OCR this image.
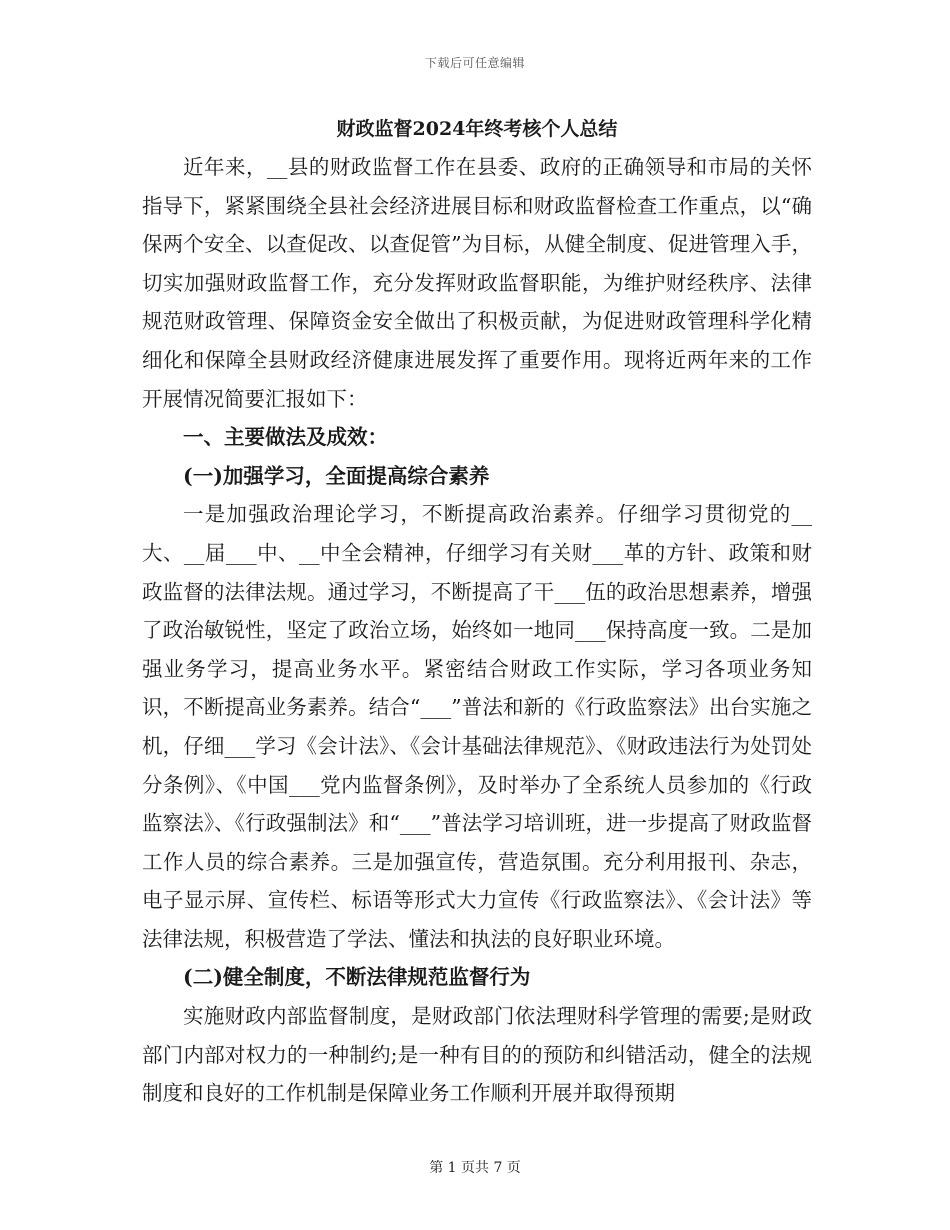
下载后可任意编辑

财政监督2024年终考核个人总结

近年来，__县的财政监督工作在县委、政府的正确领导和市局的关怀指导下，紧紧围绕全县社会经济进展目标和财政监督检查工作重点，以“确保两个安全、以查促改、以查促管”为目标，从健全制度、促进管理入手，切实加强财政监督工作，充分发挥财政监督职能，为维护财经秩序、法律规范财政管理、保障资金安全做出了积极贡献，为促进财政管理科学化精细化和保障全县财政经济健康进展发挥了重要作用。现将近两年来的工作开展情况简要汇报如下：

一、主要做法及成效：

(一)加强学习，全面提高综合素养

一是加强政治理论学习，不断提高政治素养。仔细学习贯彻党的__大、__届___中、__中全会精神，仔细学习有关财___革的方针、政策和财政监督的法律法规。通过学习，不断提高了干___伍的政治思想素养，增强了政治敏锐性，坚定了政治立场，始终如一地同___保持高度一致。二是加强业务学习，提高业务水平。紧密结合财政工作实际，学习各项业务知识，不断提高业务素养。结合“___”普法和新的《行政监察法》出台实施之机，仔细___学习《会计法》、《会计基础法律规范》、《财政违法行为处罚处分条例》、《中国___党内监督条例》，及时举办了全系统人员参加的《行政监察法》、《行政强制法》和“___”普法学习培训班，进一步提高了财政监督工作人员的综合素养。三是加强宣传，营造氛围。充分利用报刊、杂志，电子显示屏、宣传栏、标语等形式大力宣传《行政监察法》、《会计法》等法律法规，积极营造了学法、懂法和执法的良好职业环境。

(二)健全制度，不断法律规范监督行为

实施财政内部监督制度，是财政部门依法理财科学管理的需要;是财政部门内部对权力的一种制约;是一种有目的的预防和纠错活动，健全的法规制度和良好的工作机制是保障业务工作顺利开展并取得预期

第 1 页共 7 页
